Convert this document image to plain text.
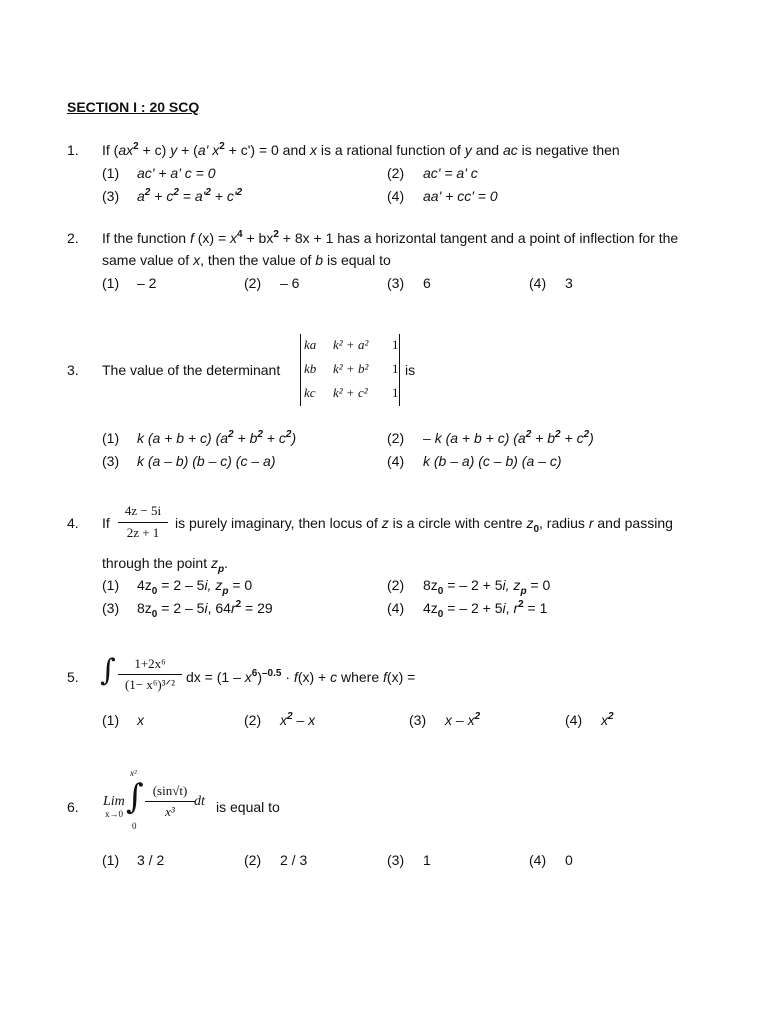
SECTION I : 20 SCQ
1. If $(ax^2 + c) y + (a'$ $x^2 + c') = 0$ and x is a rational function of y and ac is negative then
(1) ac' + a' c = 0	(2) ac' = a' c
(3) $a^2 + c^2 = a'^2 + c'^2$	(4) aa' + cc' = 0
2. If the function f $(x) = x^4 + bx^2 + 8x + 1$ has a horizontal tangent and a point of inflection for the
same value of x, then the value of b is equal to
(1) – 2	(2) – 6	(3) 6	(4) 3
3. The value of the determinant
ka k² + a² 1
kb k² + b² 1
kc k² + c² 1
is
(1) k (a + b + c) $(a^2 + b^2 + c^2)$	(2) – k (a + b + c) $(a^2 + b^2 + c^2)$
(3) k (a – b) (b – c) (c – a)	(4) k (b – a) (c – b) (a – c)
4. If
4z − 5i
2z + 1
is purely imaginary, then locus of z is a circle with centre $z_0$, radius r and passing
through the point $z_p$.
(1) $4z_0 = 2 - 5i$, $z_p = 0$	(2) $8z_0$ = – 2 + 5i, $z_p = 0$
(3) $8z_0 = 2 - 5i$, $64r^2 = 29$	(4) $4z_0$ = – 2 + 5i, $r^2 = 1$
5. ∫	1+2x⁶
(1− x⁶)³ᐟ² dx = $(1 - x^6)^{-0.5} \cdot f(x) + c$ where f(x) =
(1) x	(2) $x^2$ – x	(3) x – $x^2$	(4) $x^2$
6. Lim
x→0
x²
∫
0
(sin√t)
x³
dt is equal to
(1) 3 / 2	(2) 2 / 3	(3) 1	(4) 0
